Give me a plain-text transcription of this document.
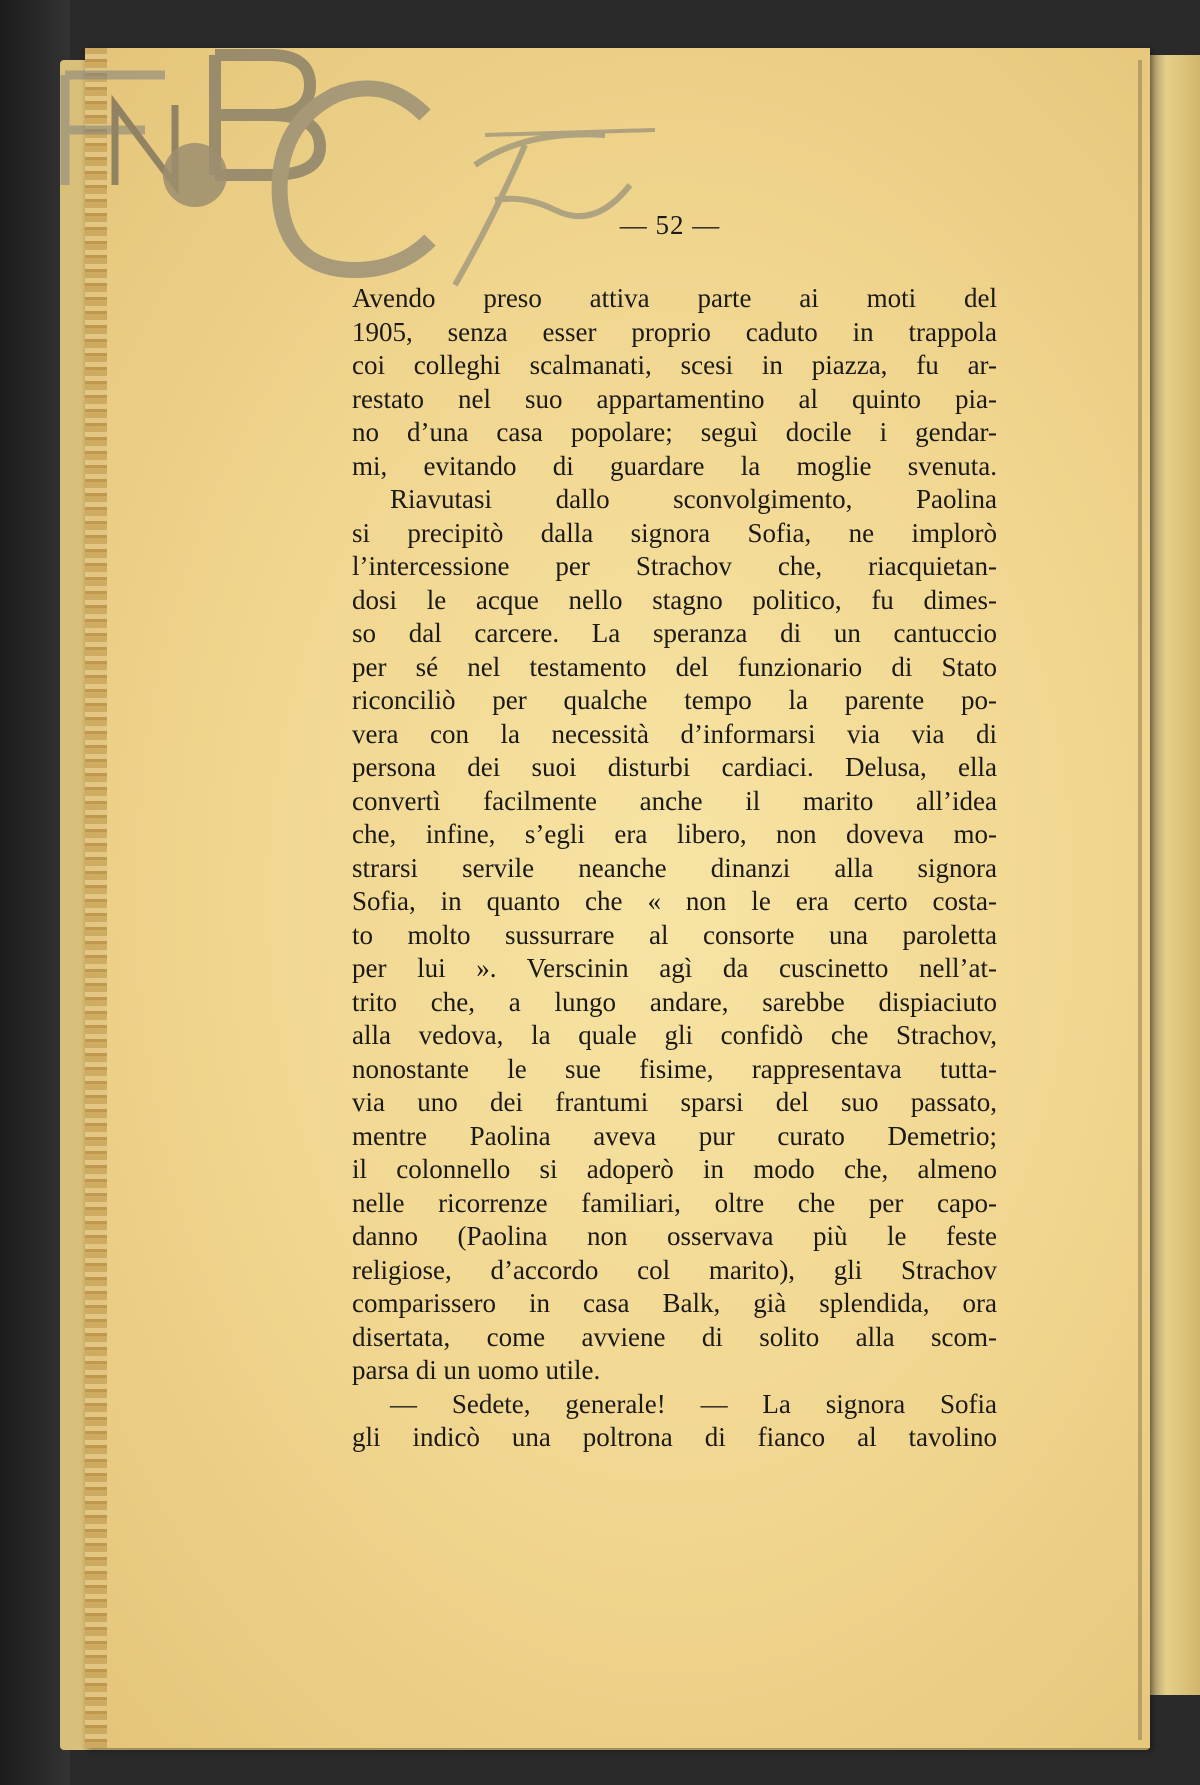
— 52 —
Avendo preso attiva parte ai moti del
1905, senza esser proprio caduto in trappola
coi colleghi scalmanati, scesi in piazza, fu ar-
restato nel suo appartamentino al quinto pia-
no d’una casa popolare; seguì docile i gendar-
mi, evitando di guardare la moglie svenuta.
Riavutasi dallo sconvolgimento, Paolina
si precipitò dalla signora Sofia, ne implorò
l’intercessione per Strachov che, riacquietan-
dosi le acque nello stagno politico, fu dimes-
so dal carcere. La speranza di un cantuccio
per sé nel testamento del funzionario di Stato
riconciliò per qualche tempo la parente po-
vera con la necessità d’informarsi via via di
persona dei suoi disturbi cardiaci. Delusa, ella
convertì facilmente anche il marito all’idea
che, infine, s’egli era libero, non doveva mo-
strarsi servile neanche dinanzi alla signora
Sofia, in quanto che « non le era certo costa-
to molto sussurrare al consorte una paroletta
per lui ». Verscinin agì da cuscinetto nell’at-
trito che, a lungo andare, sarebbe dispiaciuto
alla vedova, la quale gli confidò che Strachov,
nonostante le sue fisime, rappresentava tutta-
via uno dei frantumi sparsi del suo passato,
mentre Paolina aveva pur curato Demetrio;
il colonnello si adoperò in modo che, almeno
nelle ricorrenze familiari, oltre che per capo-
danno (Paolina non osservava più le feste
religiose, d’accordo col marito), gli Strachov
comparissero in casa Balk, già splendida, ora
disertata, come avviene di solito alla scom-
parsa di un uomo utile.
— Sedete, generale! — La signora Sofia
gli indicò una poltrona di fianco al tavolino
